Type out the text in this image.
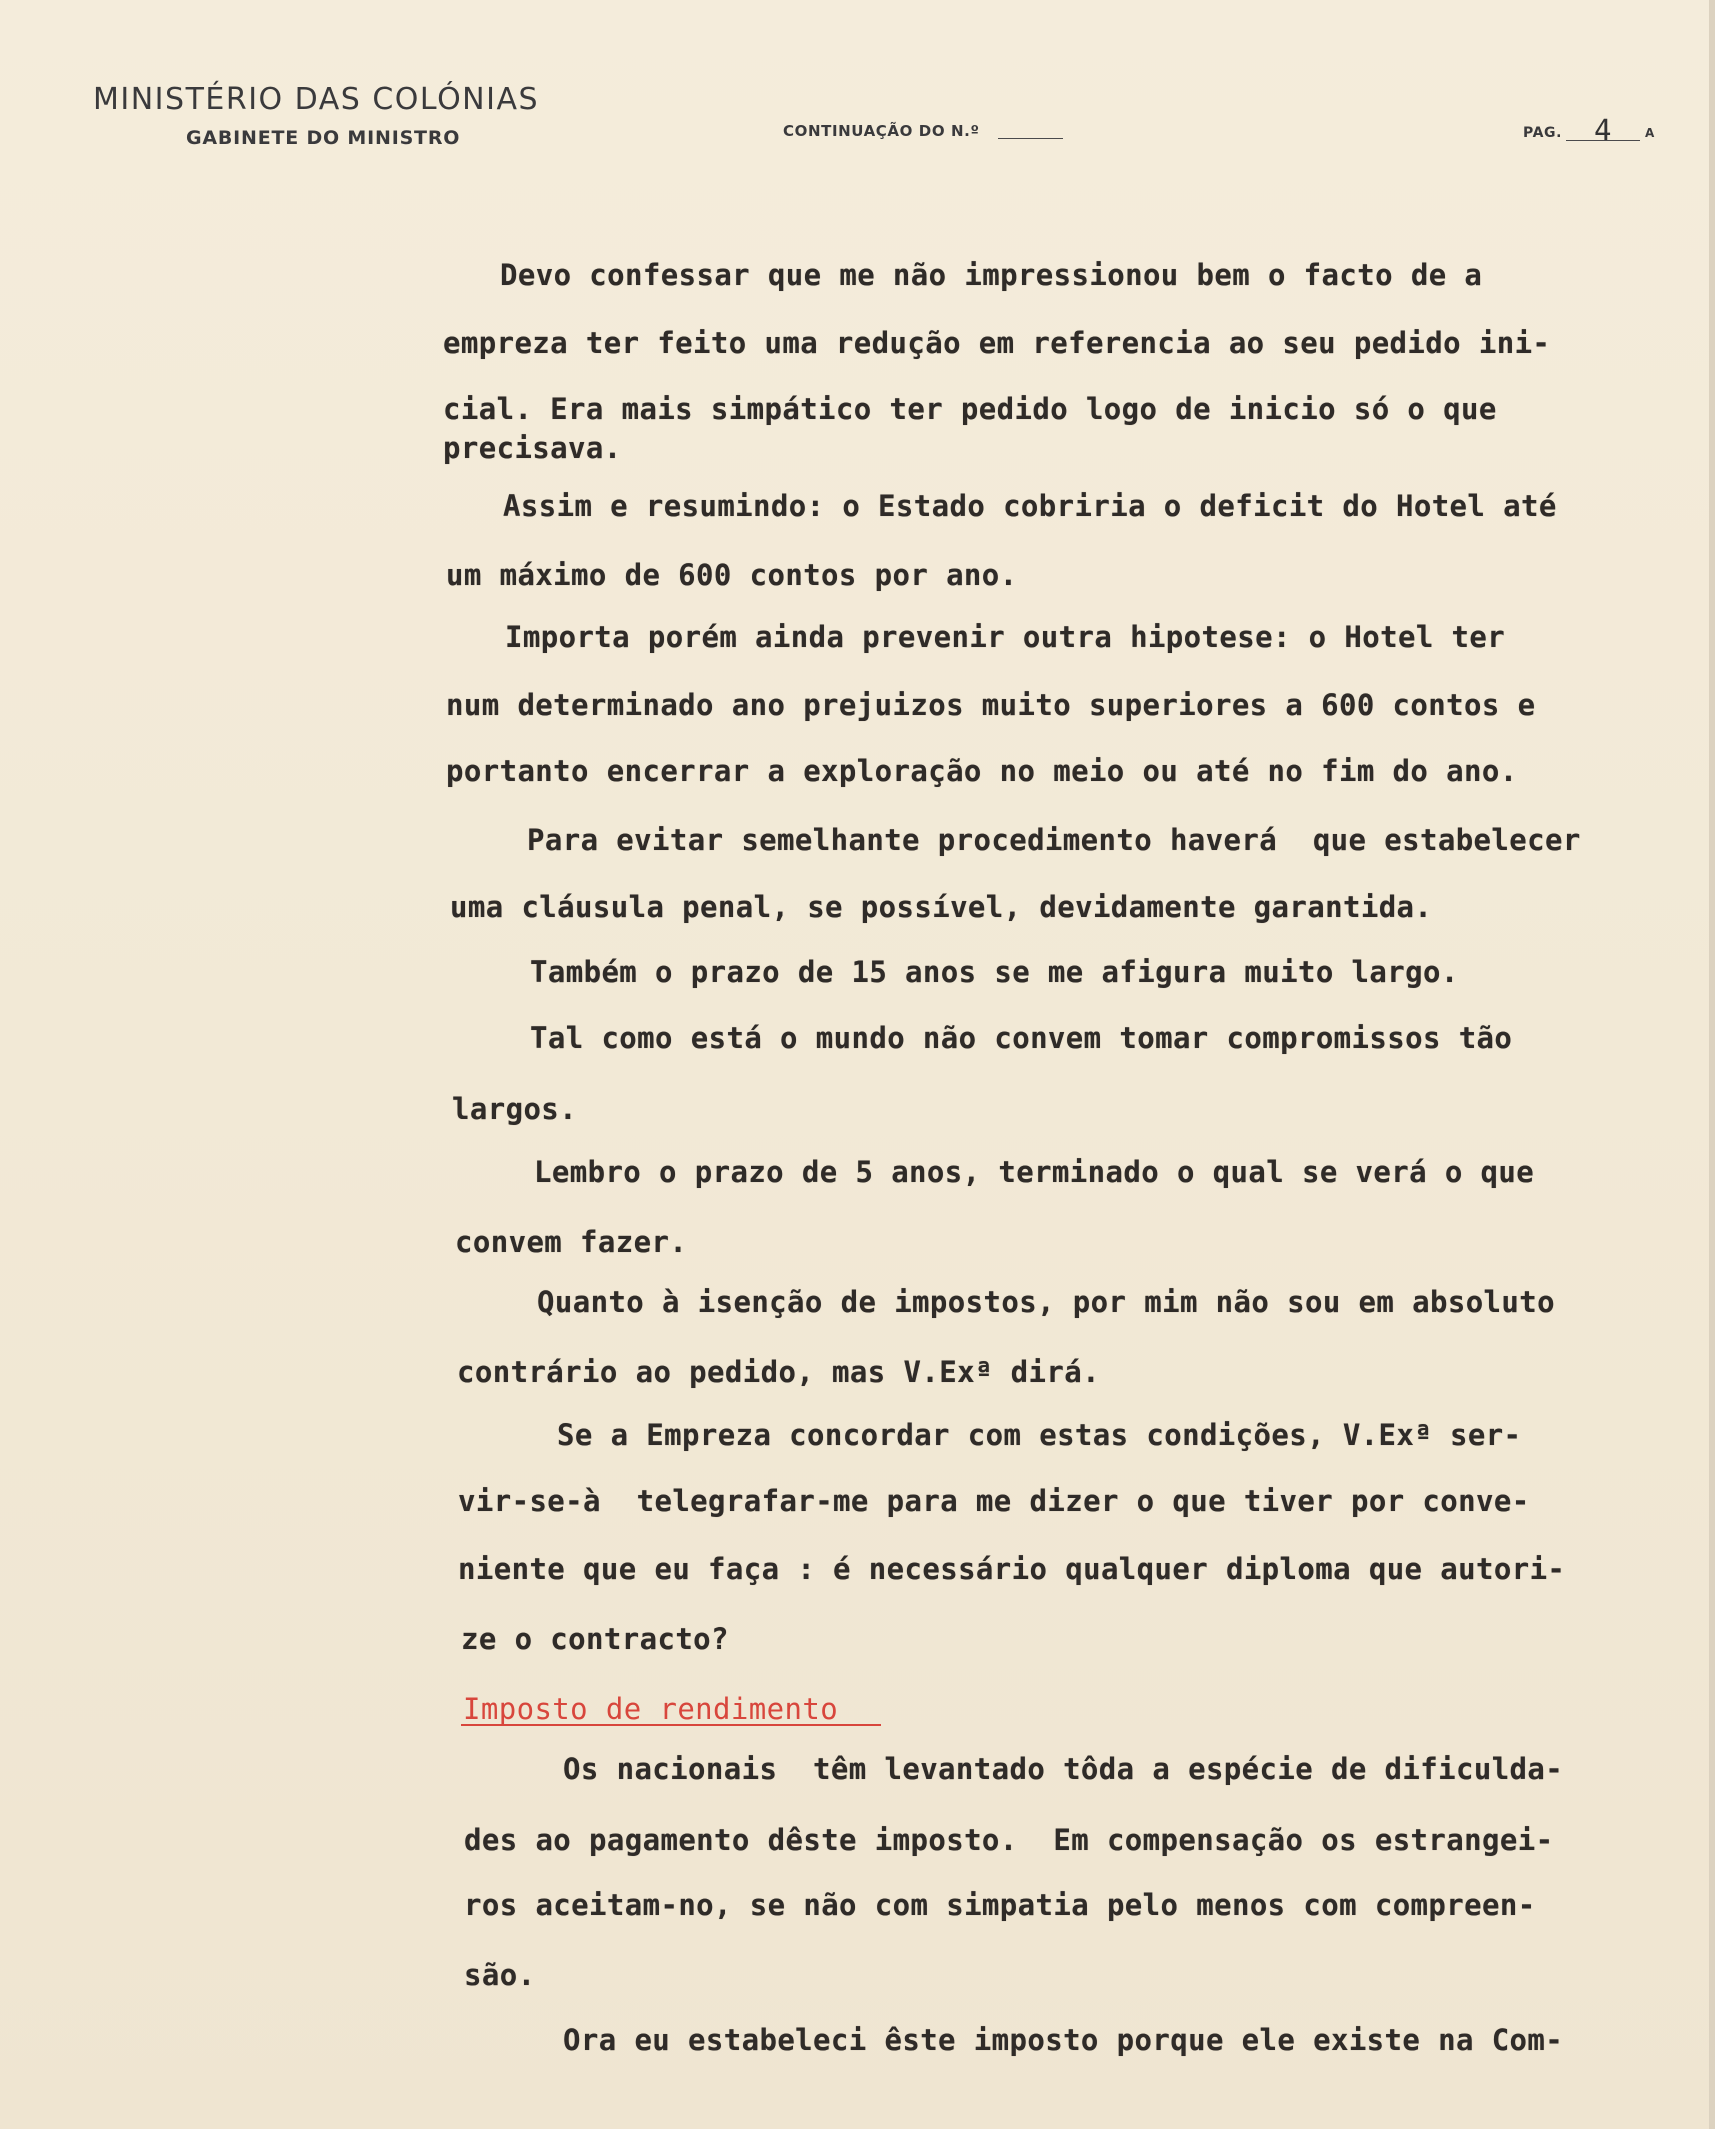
MINISTÉRIO DAS COLÓNIAS
GABINETE DO MINISTRO	CONTINUAÇÃO DO N.º	PAG. 4	A
Devo confessar que me não impressionou bem o facto de a
empreza ter feito uma redução em referencia ao seu pedido ini-
cial. Era mais simpático ter pedido logo de inicio só o que
precisava.
Assim e resumindo: o Estado cobriria o deficit do Hotel até
um máximo de 600 contos por ano.
Importa porém ainda prevenir outra hipotese: o Hotel ter
num determinado ano prejuizos muito superiores a 600 contos e
portanto encerrar a exploração no meio ou até no fim do ano.
Para evitar semelhante procedimento haverá  que estabelecer
uma cláusula penal, se possível, devidamente garantida.
Também o prazo de 15 anos se me afigura muito largo.
Tal como está o mundo não convem tomar compromissos tão
largos.
Lembro o prazo de 5 anos, terminado o qual se verá o que
convem fazer.
Quanto à isenção de impostos, por mim não sou em absoluto
contrário ao pedido, mas V.Exª dirá.
Se a Empreza concordar com estas condições, V.Exª ser-
vir-se-à  telegrafar-me para me dizer o que tiver por conve-
niente que eu faça : é necessário qualquer diploma que autori-
ze o contracto?
Imposto de rendimento
Os nacionais  têm levantado tôda a espécie de dificulda-
des ao pagamento dêste imposto.  Em compensação os estrangei-
ros aceitam-no, se não com simpatia pelo menos com compreen-
são.
Ora eu estabeleci êste imposto porque ele existe na Com-
